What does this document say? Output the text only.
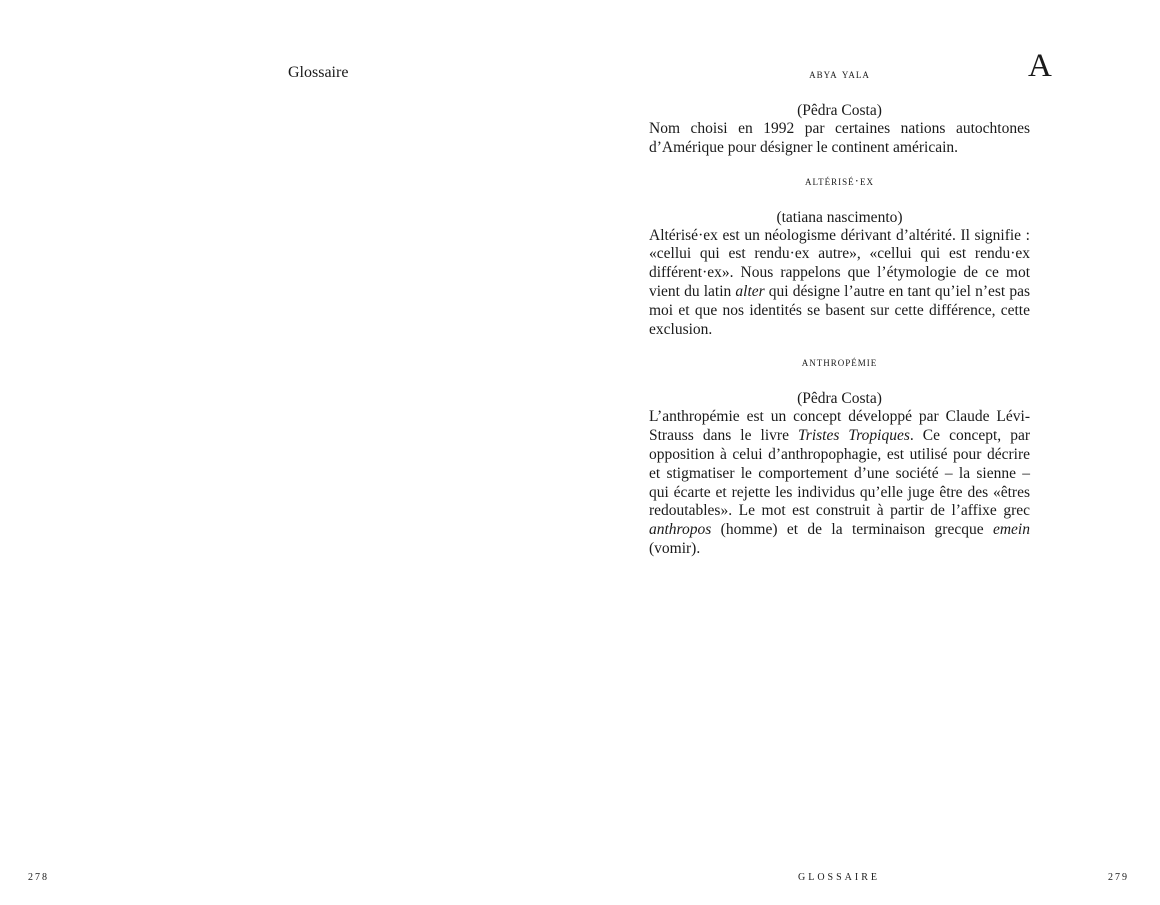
Glossaire	A
abya yala
(Pêdra Costa)

Nom choisi en 1992 par certaines nations autochtones d’Amérique pour désigner le continent américain.

altérisé·ex
(tatiana nascimento)

Altérisé·ex est un néologisme dérivant d’altérité. Il signifie : «cellui qui est rendu·ex autre», «cellui qui est rendu·ex différent·ex». Nous rappelons que l’étymologie de ce mot vient du latin alter qui désigne l’autre en tant qu’iel n’est pas moi et que nos identités se basent sur cette différence, cette exclusion.

anthropémie
(Pêdra Costa)

L’anthropémie est un concept développé par Claude Lévi-Strauss dans le livre Tristes Tropiques. Ce concept, par opposition à celui d’anthropophagie, est utilisé pour décrire et stigmatiser le comportement d’une société – la sienne – qui écarte et rejette les individus qu’elle juge être des «êtres redoutables». Le mot est construit à partir de l’affixe grec anthropos (homme) et de la terminaison grecque emein (vomir).

278	GLOSSAIRE	279
